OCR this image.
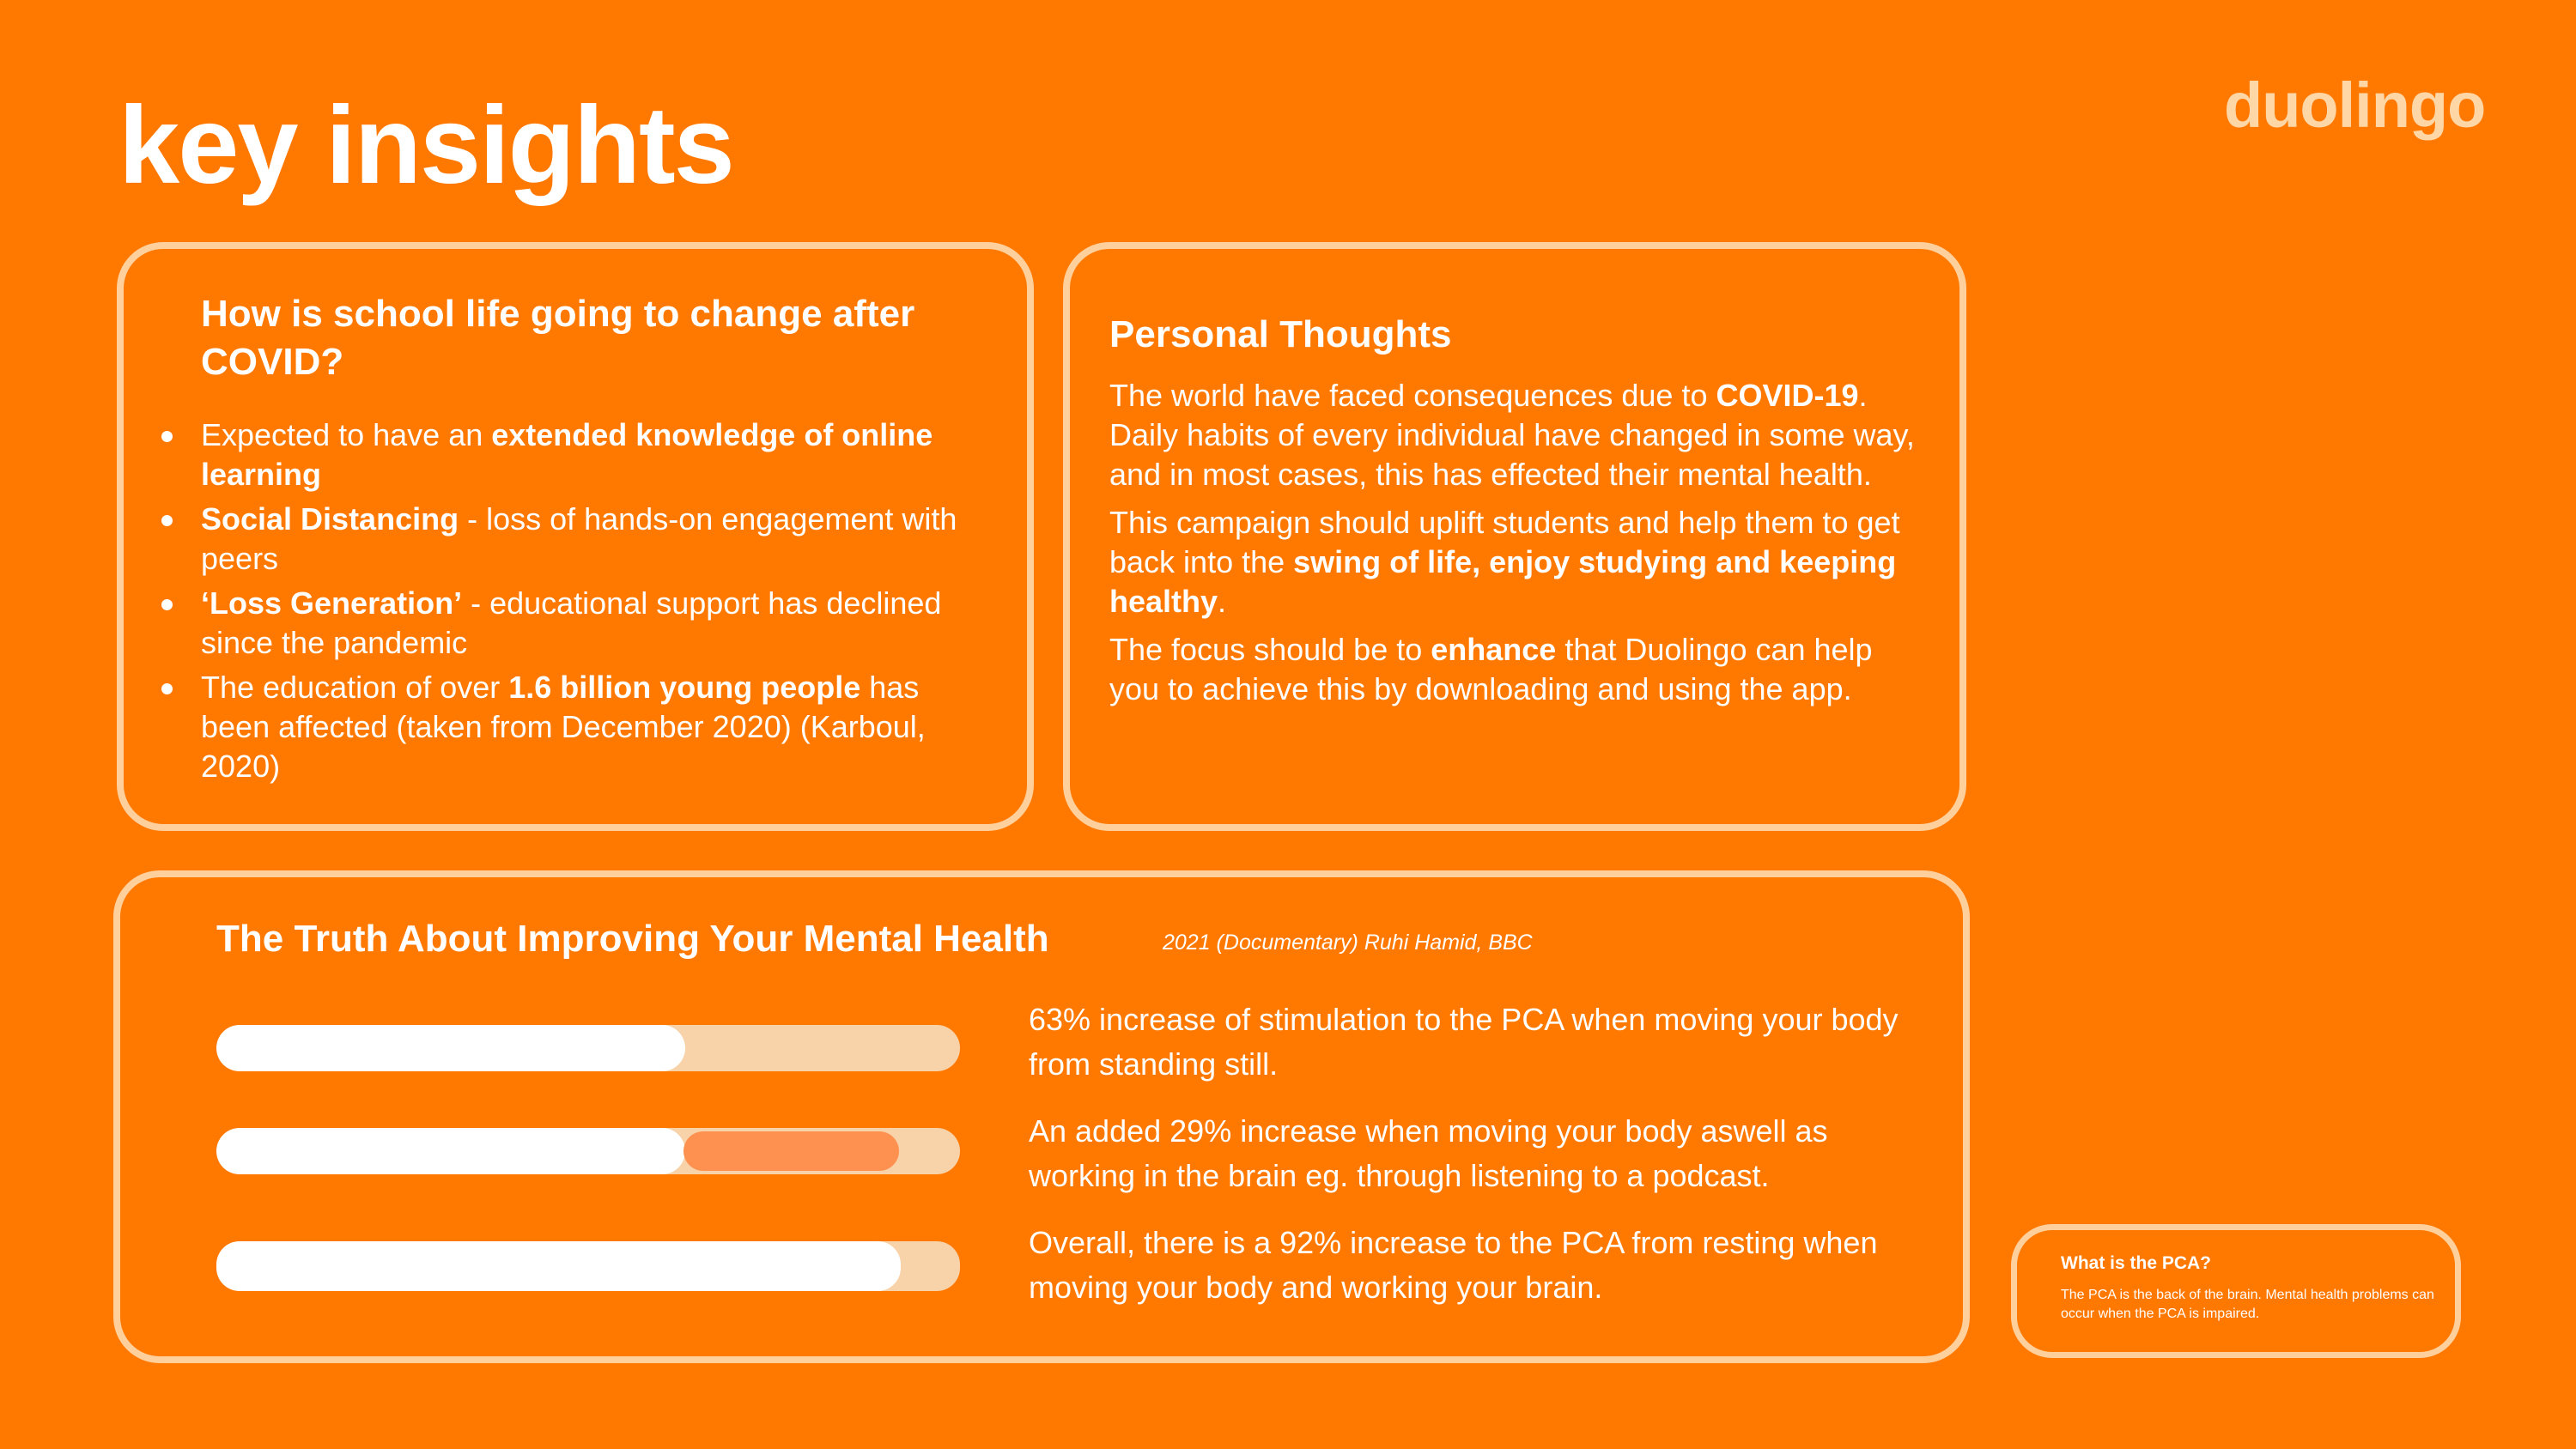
key insights	duolingo
How is school life going to change after COVID?
Expected to have an extended knowledge of online learning
Social Distancing - loss of hands-on engagement with peers
‘Loss Generation’ - educational support has declined since the pandemic
The education of over 1.6 billion young people has been affected (taken from December 2020) (Karboul, 2020)
Personal Thoughts

The world have faced consequences due to COVID-19. Daily habits of every individual have changed in some way, and in most cases, this has effected their mental health.

This campaign should uplift students and help them to get back into the swing of life, enjoy studying and keeping healthy.

The focus should be to enhance that Duolingo can help you to achieve this by downloading and using the app.

The Truth About Improving Your Mental Health	2021 (Documentary) Ruhi Hamid, BBC
63% increase of stimulation to the PCA when moving your body from standing still.
An added 29% increase when moving your body aswell as working in the brain eg. through listening to a podcast.
Overall, there is a 92% increase to the PCA from resting when moving your body and working your brain.
What is the PCA?
The PCA is the back of the brain. Mental health problems can occur when the PCA is impaired.
